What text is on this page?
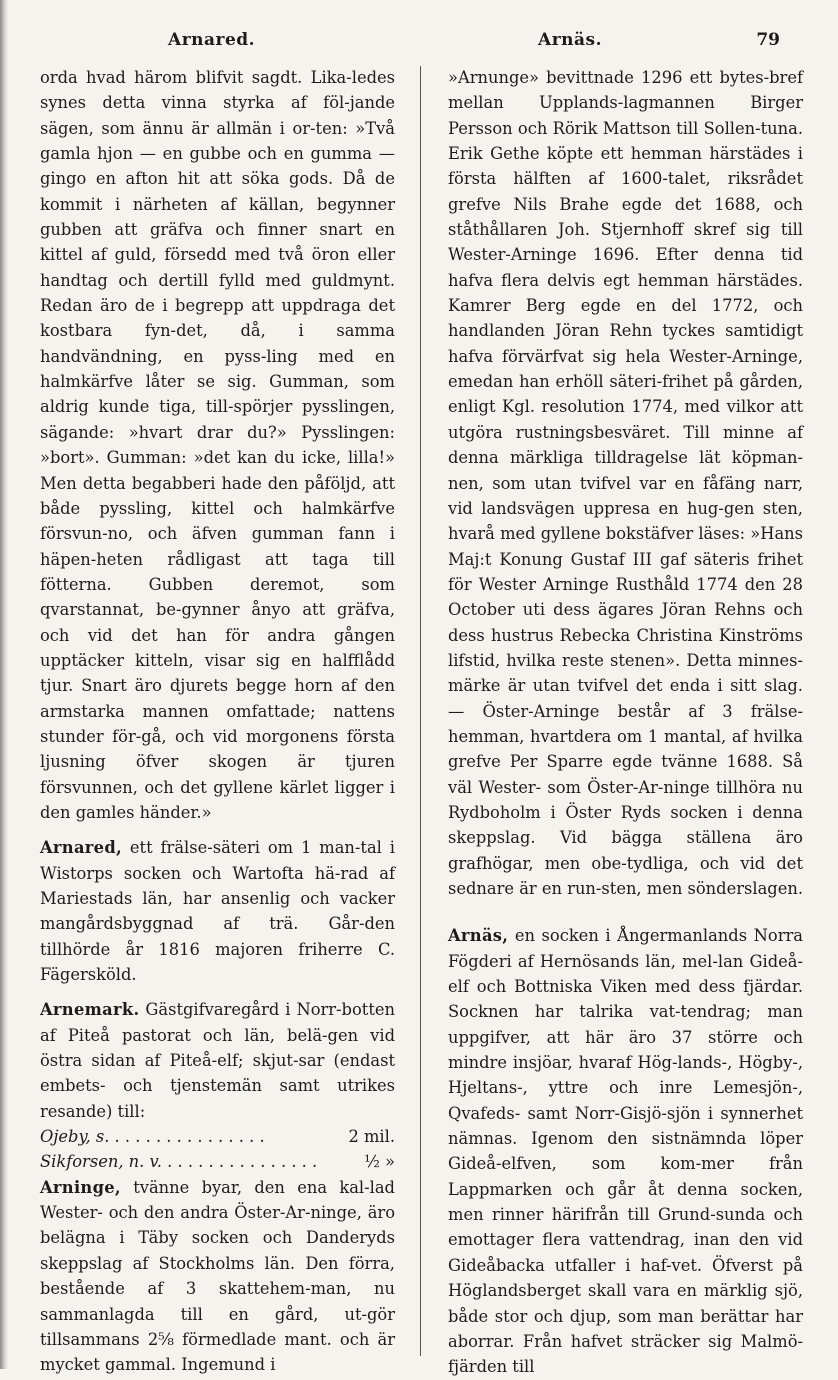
Arnared.	Arnäs.	79

orda hvad härom blifvit sagdt. Lika-ledes synes detta vinna styrka af föl-jande sägen, som ännu är allmän i or-ten: »Två gamla hjon — en gubbe och en gumma — gingo en afton hit att söka gods. Då de kommit i närheten af källan, begynner gubben att gräfva och finner snart en kittel af guld, försedd med två öron eller handtag och dertill fylld med guldmynt. Redan äro de i begrepp att uppdraga det kostbara fyn-det, då, i samma handvändning, en pyss-ling med en halmkärfve låter se sig. Gumman, som aldrig kunde tiga, till-spörjer pysslingen, sägande: »hvart drar du?» Pysslingen: »bort». Gumman: »det kan du icke, lilla!» Men detta begabberi hade den påföljd, att både pyssling, kittel och halmkärfve försvun-no, och äfven gumman fann i häpen-heten rådligast att taga till fötterna. Gubben deremot, som qvarstannat, be-gynner ånyo att gräfva, och vid det han för andra gången upptäcker kitteln, visar sig en halfflådd tjur. Snart äro djurets begge horn af den armstarka mannen omfattade; nattens stunder för-gå, och vid morgonens första ljusning öfver skogen är tjuren försvunnen, och det gyllene kärlet ligger i den gamles händer.»

Arnared, ett frälse-säteri om 1 man-tal i Wistorps socken och Wartofta hä-rad af Mariestads län, har ansenlig och vacker mangårdsbyggnad af trä. Går-den tillhörde år 1816 majoren friherre C. Fägersköld.

Arnemark. Gästgifvaregård i Norr-botten af Piteå pastorat och län, belä-gen vid östra sidan af Piteå-elf; skjut-sar (endast embets- och tjenstemän samt utrikes resande) till:

Ojeby, s. . . . . . . . . . . . . . . .	2 mil.
Sikforsen, n. v. . . . . . . . . . . . . . . .	½ »

Arninge, tvänne byar, den ena kal-lad Wester- och den andra Öster-Ar-ninge, äro belägna i Täby socken och Danderyds skeppslag af Stockholms län. Den förra, bestående af 3 skattehem-man, nu sammanlagda till en gård, ut-gör tillsammans 2⅝ förmedlade mant. och är mycket gammal. Ingemund i

»Arnunge» bevittnade 1296 ett bytes-bref mellan Upplands-lagmannen Birger Persson och Rörik Mattson till Sollen-tuna. Erik Gethe köpte ett hemman härstädes i första hälften af 1600-talet, riksrådet grefve Nils Brahe egde det 1688, och ståthållaren Joh. Stjernhoff skref sig till Wester-Arninge 1696. Efter denna tid hafva flera delvis egt hemman härstädes. Kamrer Berg egde en del 1772, och handlanden Jöran Rehn tyckes samtidigt hafva förvärfvat sig hela Wester-Arninge, emedan han erhöll säteri-frihet på gården, enligt Kgl. resolution 1774, med vilkor att utgöra rustningsbesväret. Till minne af denna märkliga tilldragelse lät köpman-nen, som utan tvifvel var en fåfäng narr, vid landsvägen uppresa en hug-gen sten, hvarå med gyllene bokstäfver läses: »Hans Maj:t Konung Gustaf III gaf säteris frihet för Wester Arninge Rusthåld 1774 den 28 October uti dess ägares Jöran Rehns och dess hustrus Rebecka Christina Kinströms lifstid, hvilka reste stenen». Detta minnes-märke är utan tvifvel det enda i sitt slag. — Öster-Arninge består af 3 frälse-hemman, hvartdera om 1 mantal, af hvilka grefve Per Sparre egde tvänne 1688. Så väl Wester- som Öster-Ar-ninge tillhöra nu Rydboholm i Öster Ryds socken i denna skeppslag. Vid bägga ställena äro grafhögar, men obe-tydliga, och vid det sednare är en run-sten, men sönderslagen.

Arnäs, en socken i Ångermanlands Norra Fögderi af Hernösands län, mel-lan Gideå-elf och Bottniska Viken med dess fjärdar. Socknen har talrika vat-tendrag; man uppgifver, att här äro 37 större och mindre insjöar, hvaraf Hög-lands-, Högby-, Hjeltans-, yttre och inre Lemesjön-, Qvafeds- samt Norr-Gisjö-sjön i synnerhet nämnas. Igenom den sistnämnda löper Gideå-elfven, som kom-mer från Lappmarken och går åt denna socken, men rinner härifrån till Grund-sunda och emottager flera vattendrag, inan den vid Gideåbacka utfaller i haf-vet. Öfverst på Höglandsberget skall vara en märklig sjö, både stor och djup, som man berättar har aborrar. Från hafvet sträcker sig Malmö-fjärden till
